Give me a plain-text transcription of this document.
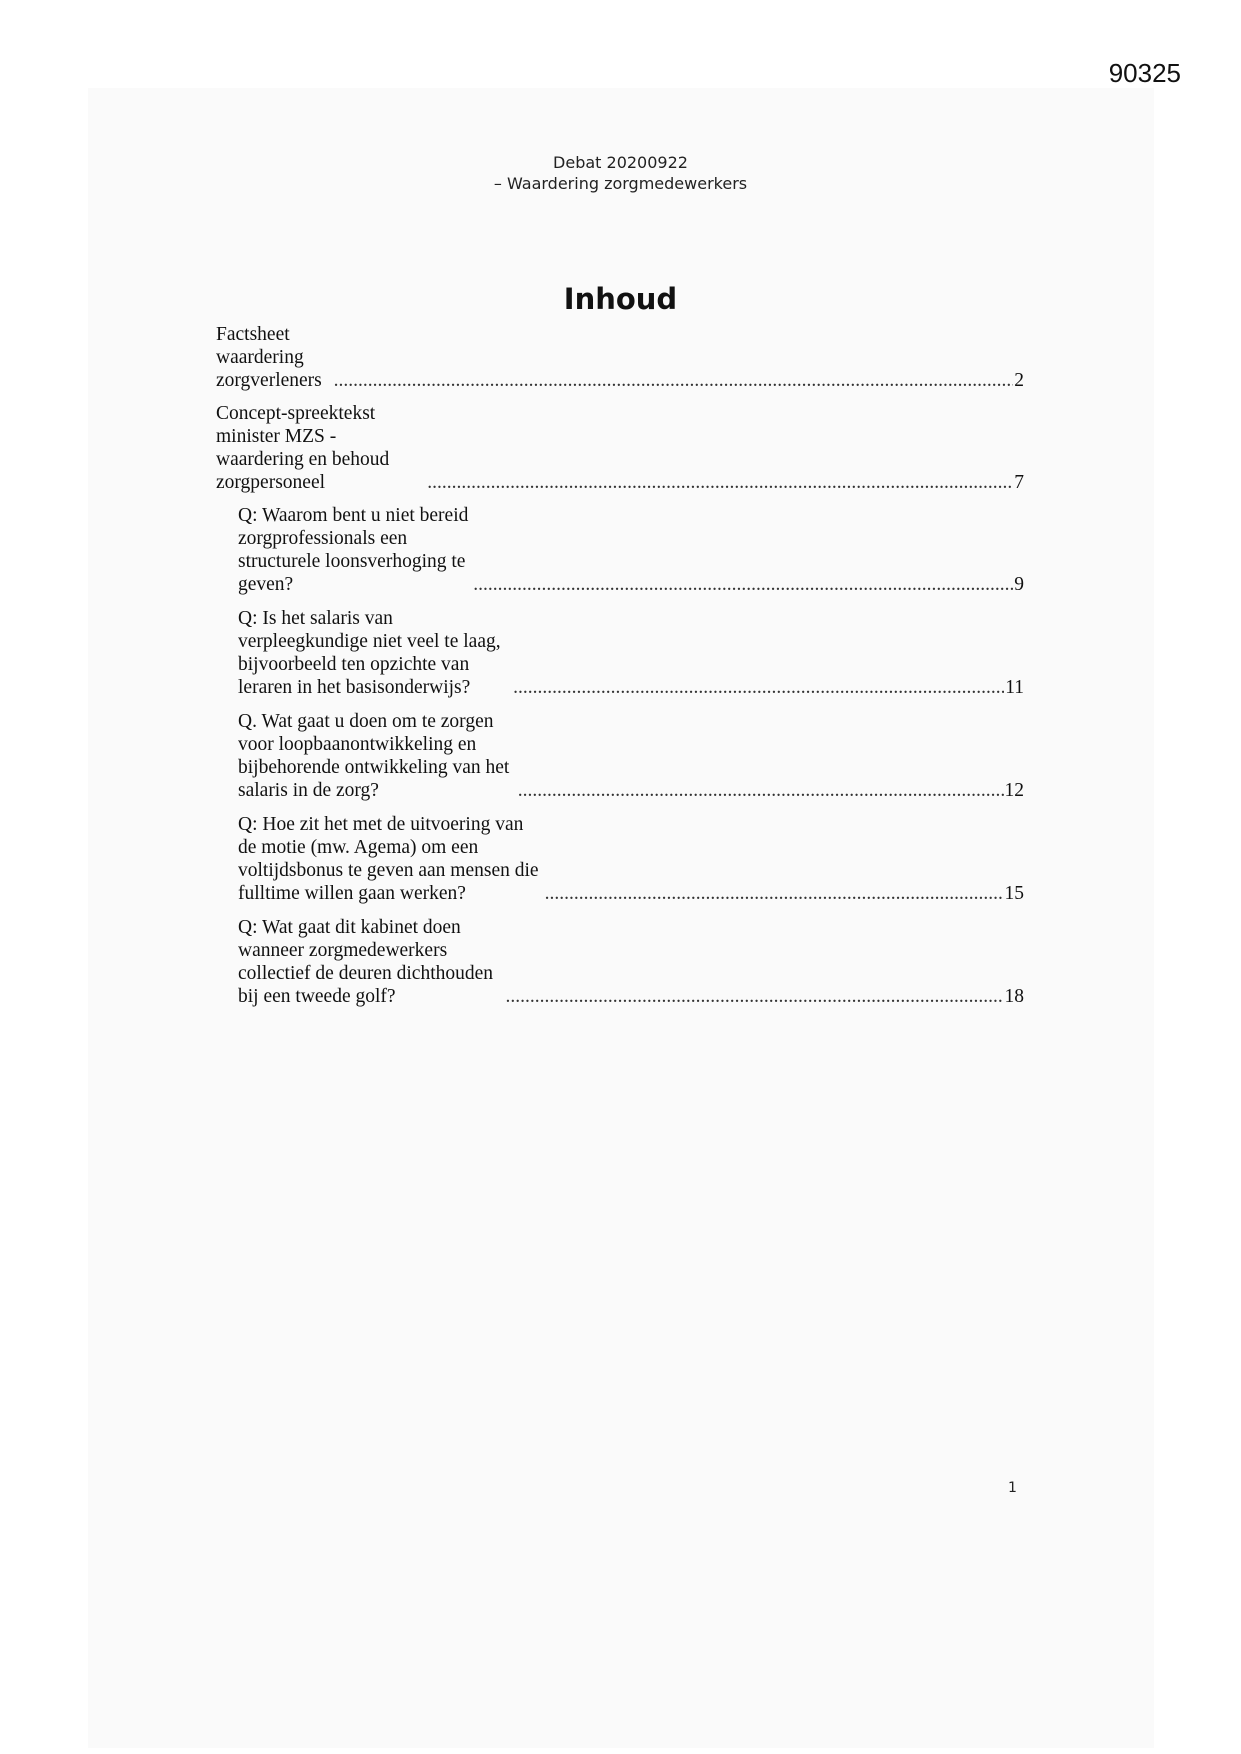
90325
Debat 20200922
– Waardering zorgmedewerkers
Inhoud
Factsheet waardering zorgverleners .....	2
Concept-spreektekst minister MZS - waardering en behoud zorgpersoneel .....	7
Q: Waarom bent u niet bereid zorgprofessionals een structurele loonsverhoging te geven? .....	9
Q: Is het salaris van verpleegkundige niet veel te laag, bijvoorbeeld ten opzichte van leraren in het basisonderwijs? .....	11
Q. Wat gaat u doen om te zorgen voor loopbaanontwikkeling en bijbehorende ontwikkeling van het salaris in de zorg? .....	12
Q: Hoe zit het met de uitvoering van de motie (mw. Agema) om een voltijdsbonus te geven aan mensen die fulltime willen gaan werken? .....	15
Q: Wat gaat dit kabinet doen wanneer zorgmedewerkers collectief de deuren dichthouden bij een tweede golf? .....	18
1
